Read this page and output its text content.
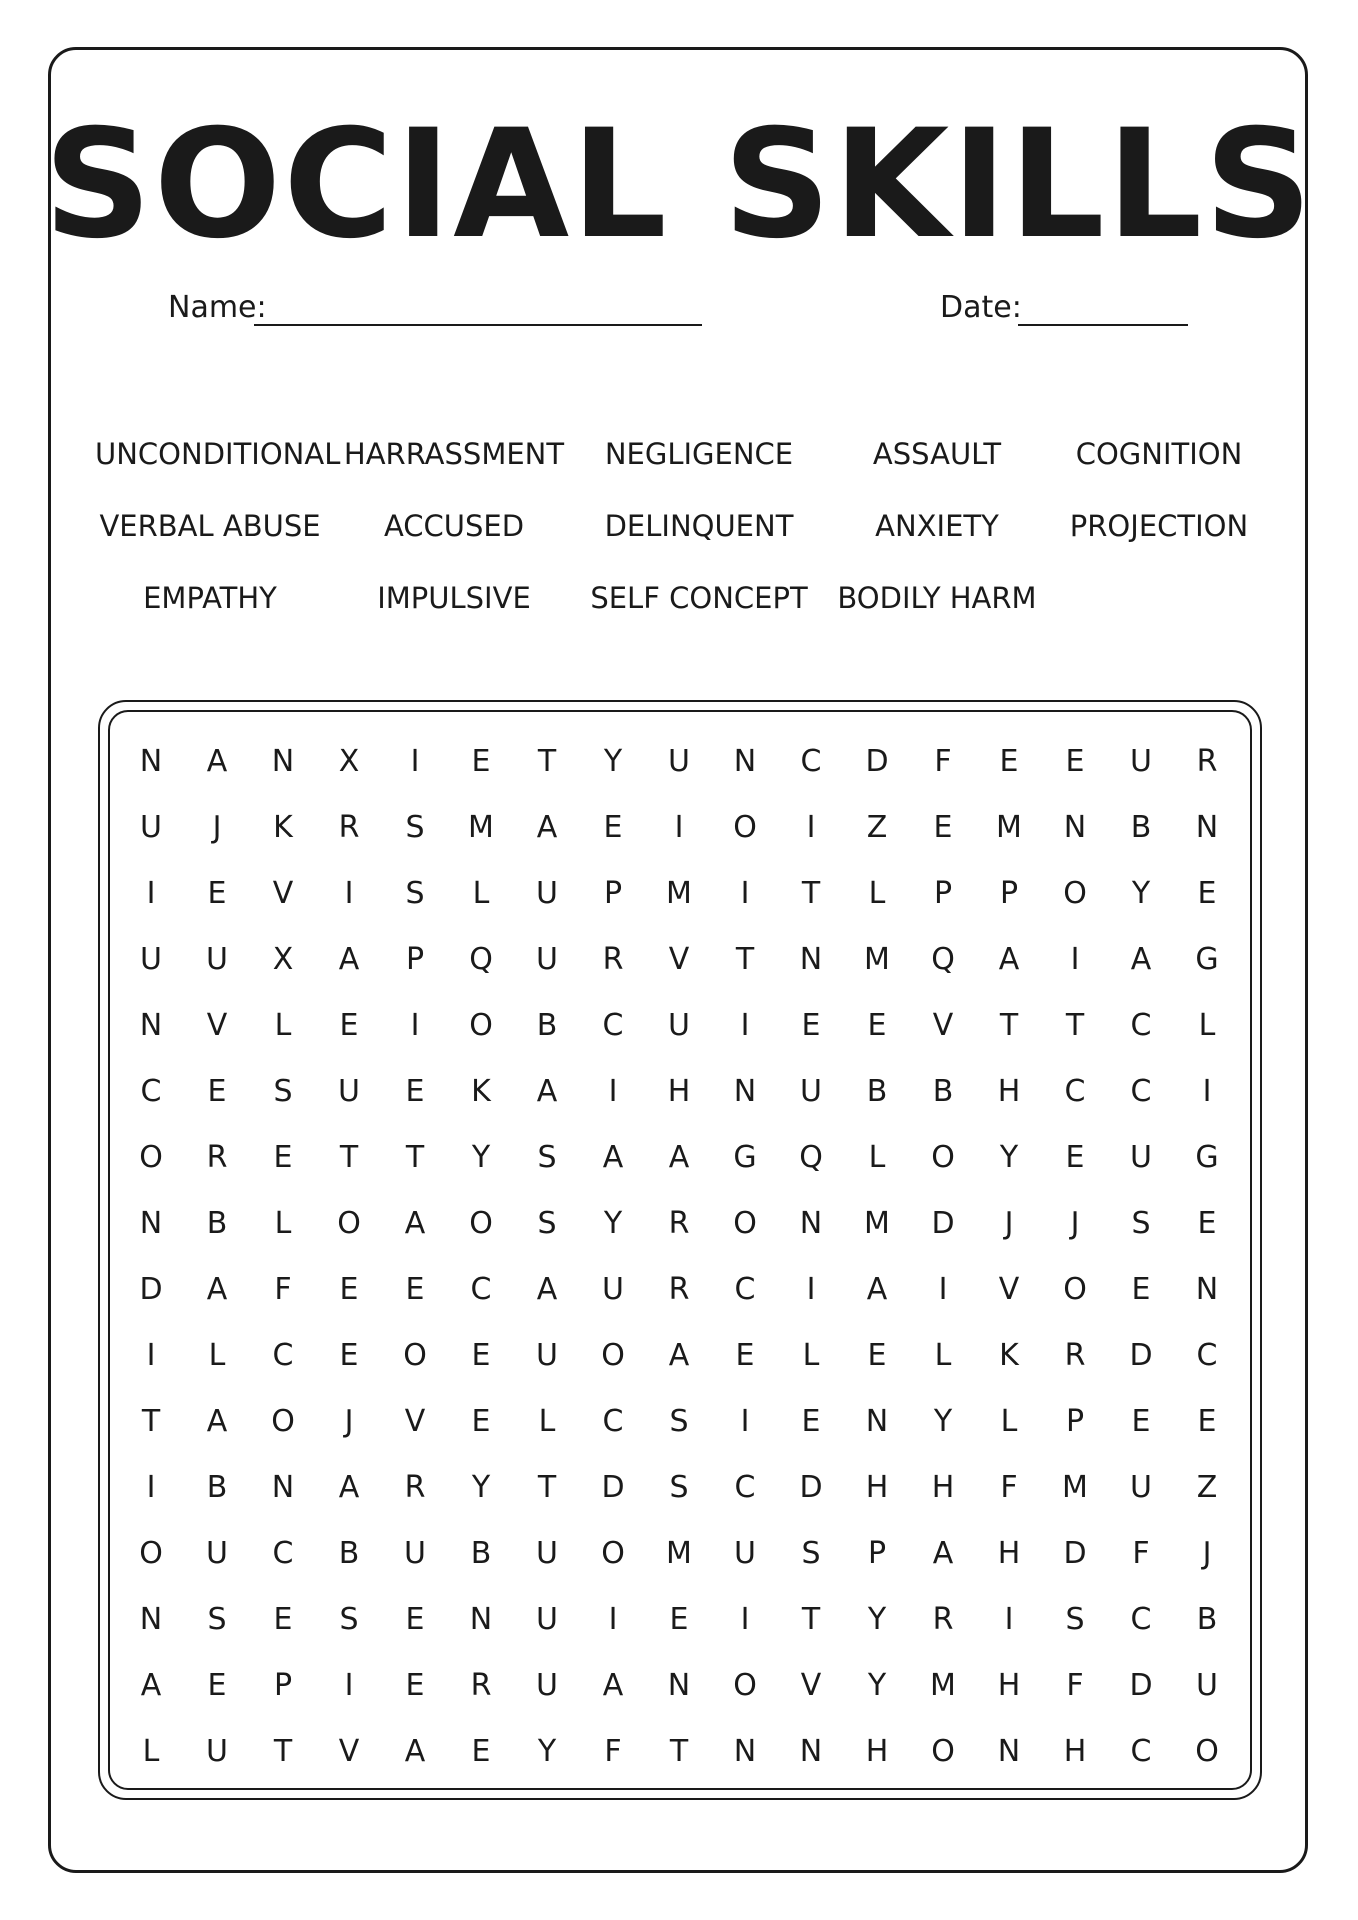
SOCIAL SKILLS
Name:	Date:
UNCONDITIONAL HARRASSMENT	NEGLIGENCE	ASSAULT	COGNITION
VERBAL ABUSE	ACCUSED	DELINQUENT	ANXIETY	PROJECTION
EMPATHY	IMPULSIVE	SELF CONCEPT	BODILY HARM
N	A	N	X	I	E	T	Y	U	N	C	D	F	E	E	U	R
U	J	K	R	S	M	A	E	I	O	I	Z	E	M	N	B	N
I	E	V	I	S	L	U	P	M	I	T	L	P	P	O	Y	E
U	U	X	A	P	Q	U	R	V	T	N	M	Q	A	I	A	G
N	V	L	E	I	O	B	C	U	I	E	E	V	T	T	C	L
C	E	S	U	E	K	A	I	H	N	U	B	B	H	C	C	I
O	R	E	T	T	Y	S	A	A	G	Q	L	O	Y	E	U	G
N	B	L	O	A	O	S	Y	R	O	N	M	D	J	J	S	E
D	A	F	E	E	C	A	U	R	C	I	A	I	V	O	E	N
I	L	C	E	O	E	U	O	A	E	L	E	L	K	R	D	C
T	A	O	J	V	E	L	C	S	I	E	N	Y	L	P	E	E
I	B	N	A	R	Y	T	D	S	C	D	H	H	F	M	U	Z
O	U	C	B	U	B	U	O	M	U	S	P	A	H	D	F	J
N	S	E	S	E	N	U	I	E	I	T	Y	R	I	S	C	B
A	E	P	I	E	R	U	A	N	O	V	Y	M	H	F	D	U
L	U	T	V	A	E	Y	F	T	N	N	H	O	N	H	C	O
